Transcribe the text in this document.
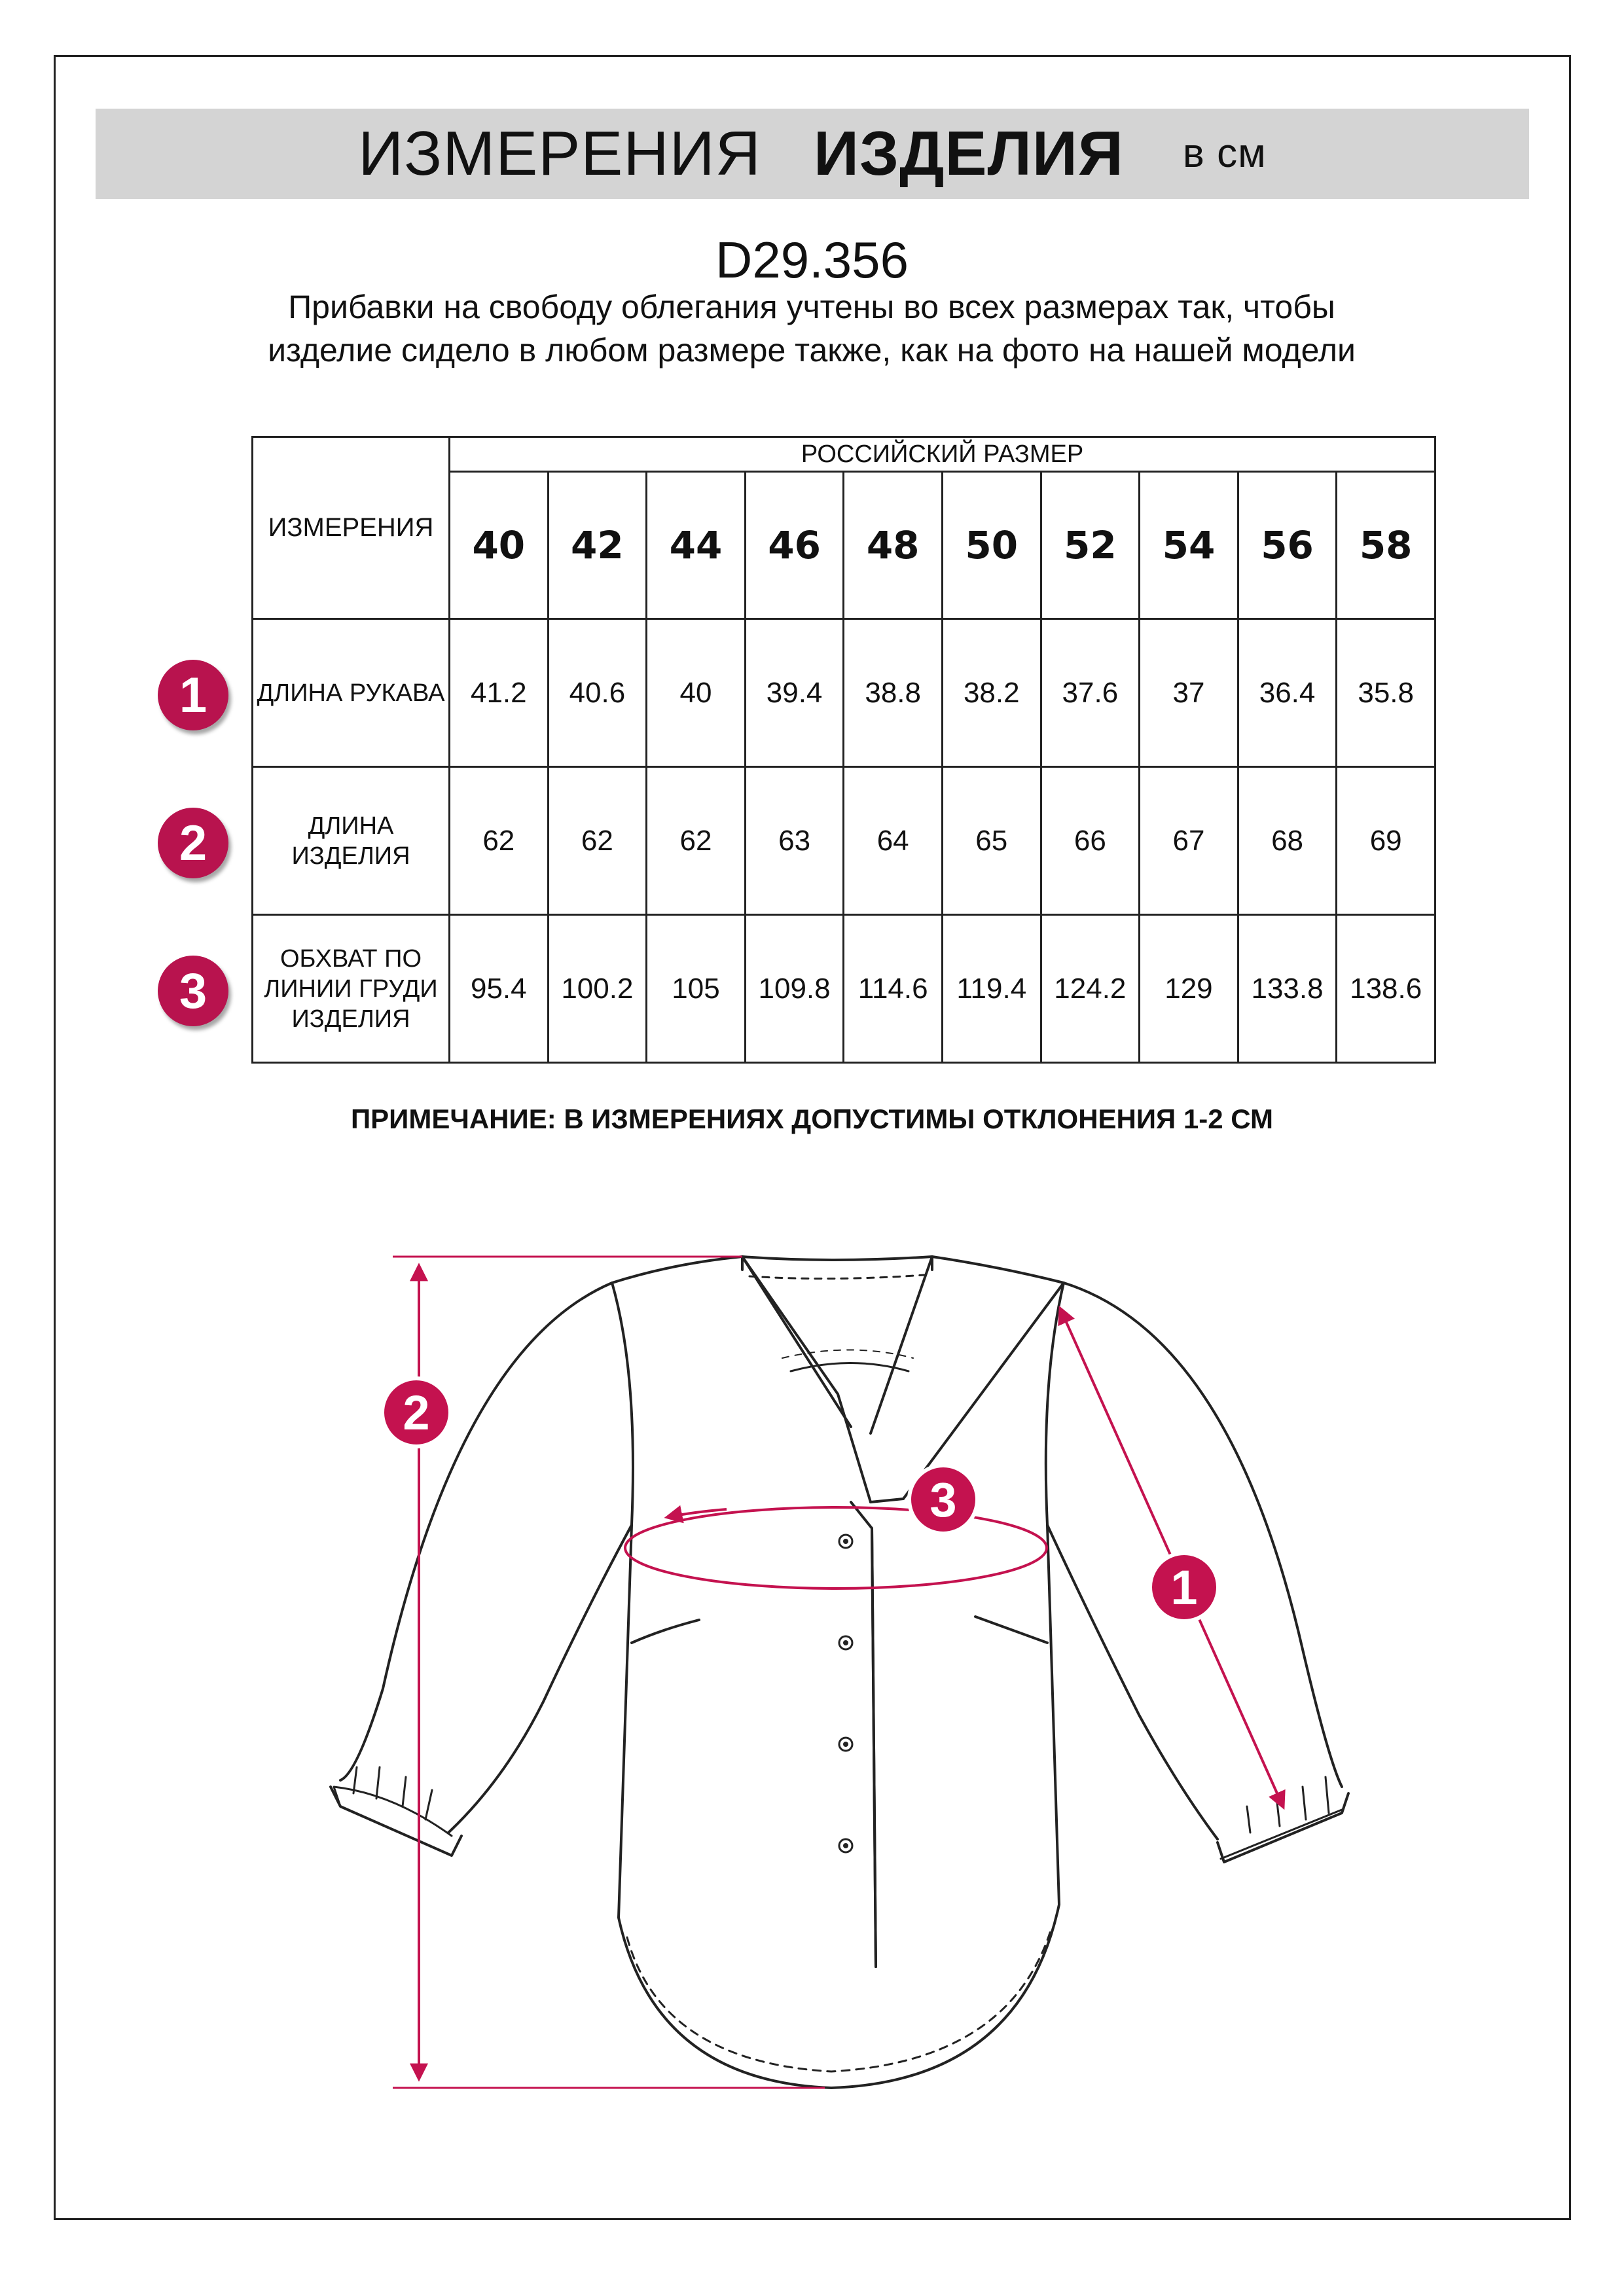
ИЗМЕРЕНИЯ ИЗДЕЛИЯ в см
D29.356
Прибавки на свободу облегания учтены во всех размерах так, чтобы изделие сидело в любом размере также, как на фото на нашей модели
ИЗМЕРЕНИЯ	РОССИЙСКИЙ РАЗМЕР									
	40	42	44	46	48	50	52	54	56	58
ДЛИНА РУКАВА	41.2	40.6	40	39.4	38.8	38.2	37.6	37	36.4	35.8
ДЛИНА ИЗДЕЛИЯ	62	62	62	63	64	65	66	67	68	69
ОБХВАТ ПО ЛИНИИ ГРУДИ ИЗДЕЛИЯ	95.4	100.2	105	109.8	114.6	119.4	124.2	129	133.8	138.6
1
2
3
ПРИМЕЧАНИЕ: В ИЗМЕРЕНИЯХ ДОПУСТИМЫ ОТКЛОНЕНИЯ 1-2 СМ
2
3
1
